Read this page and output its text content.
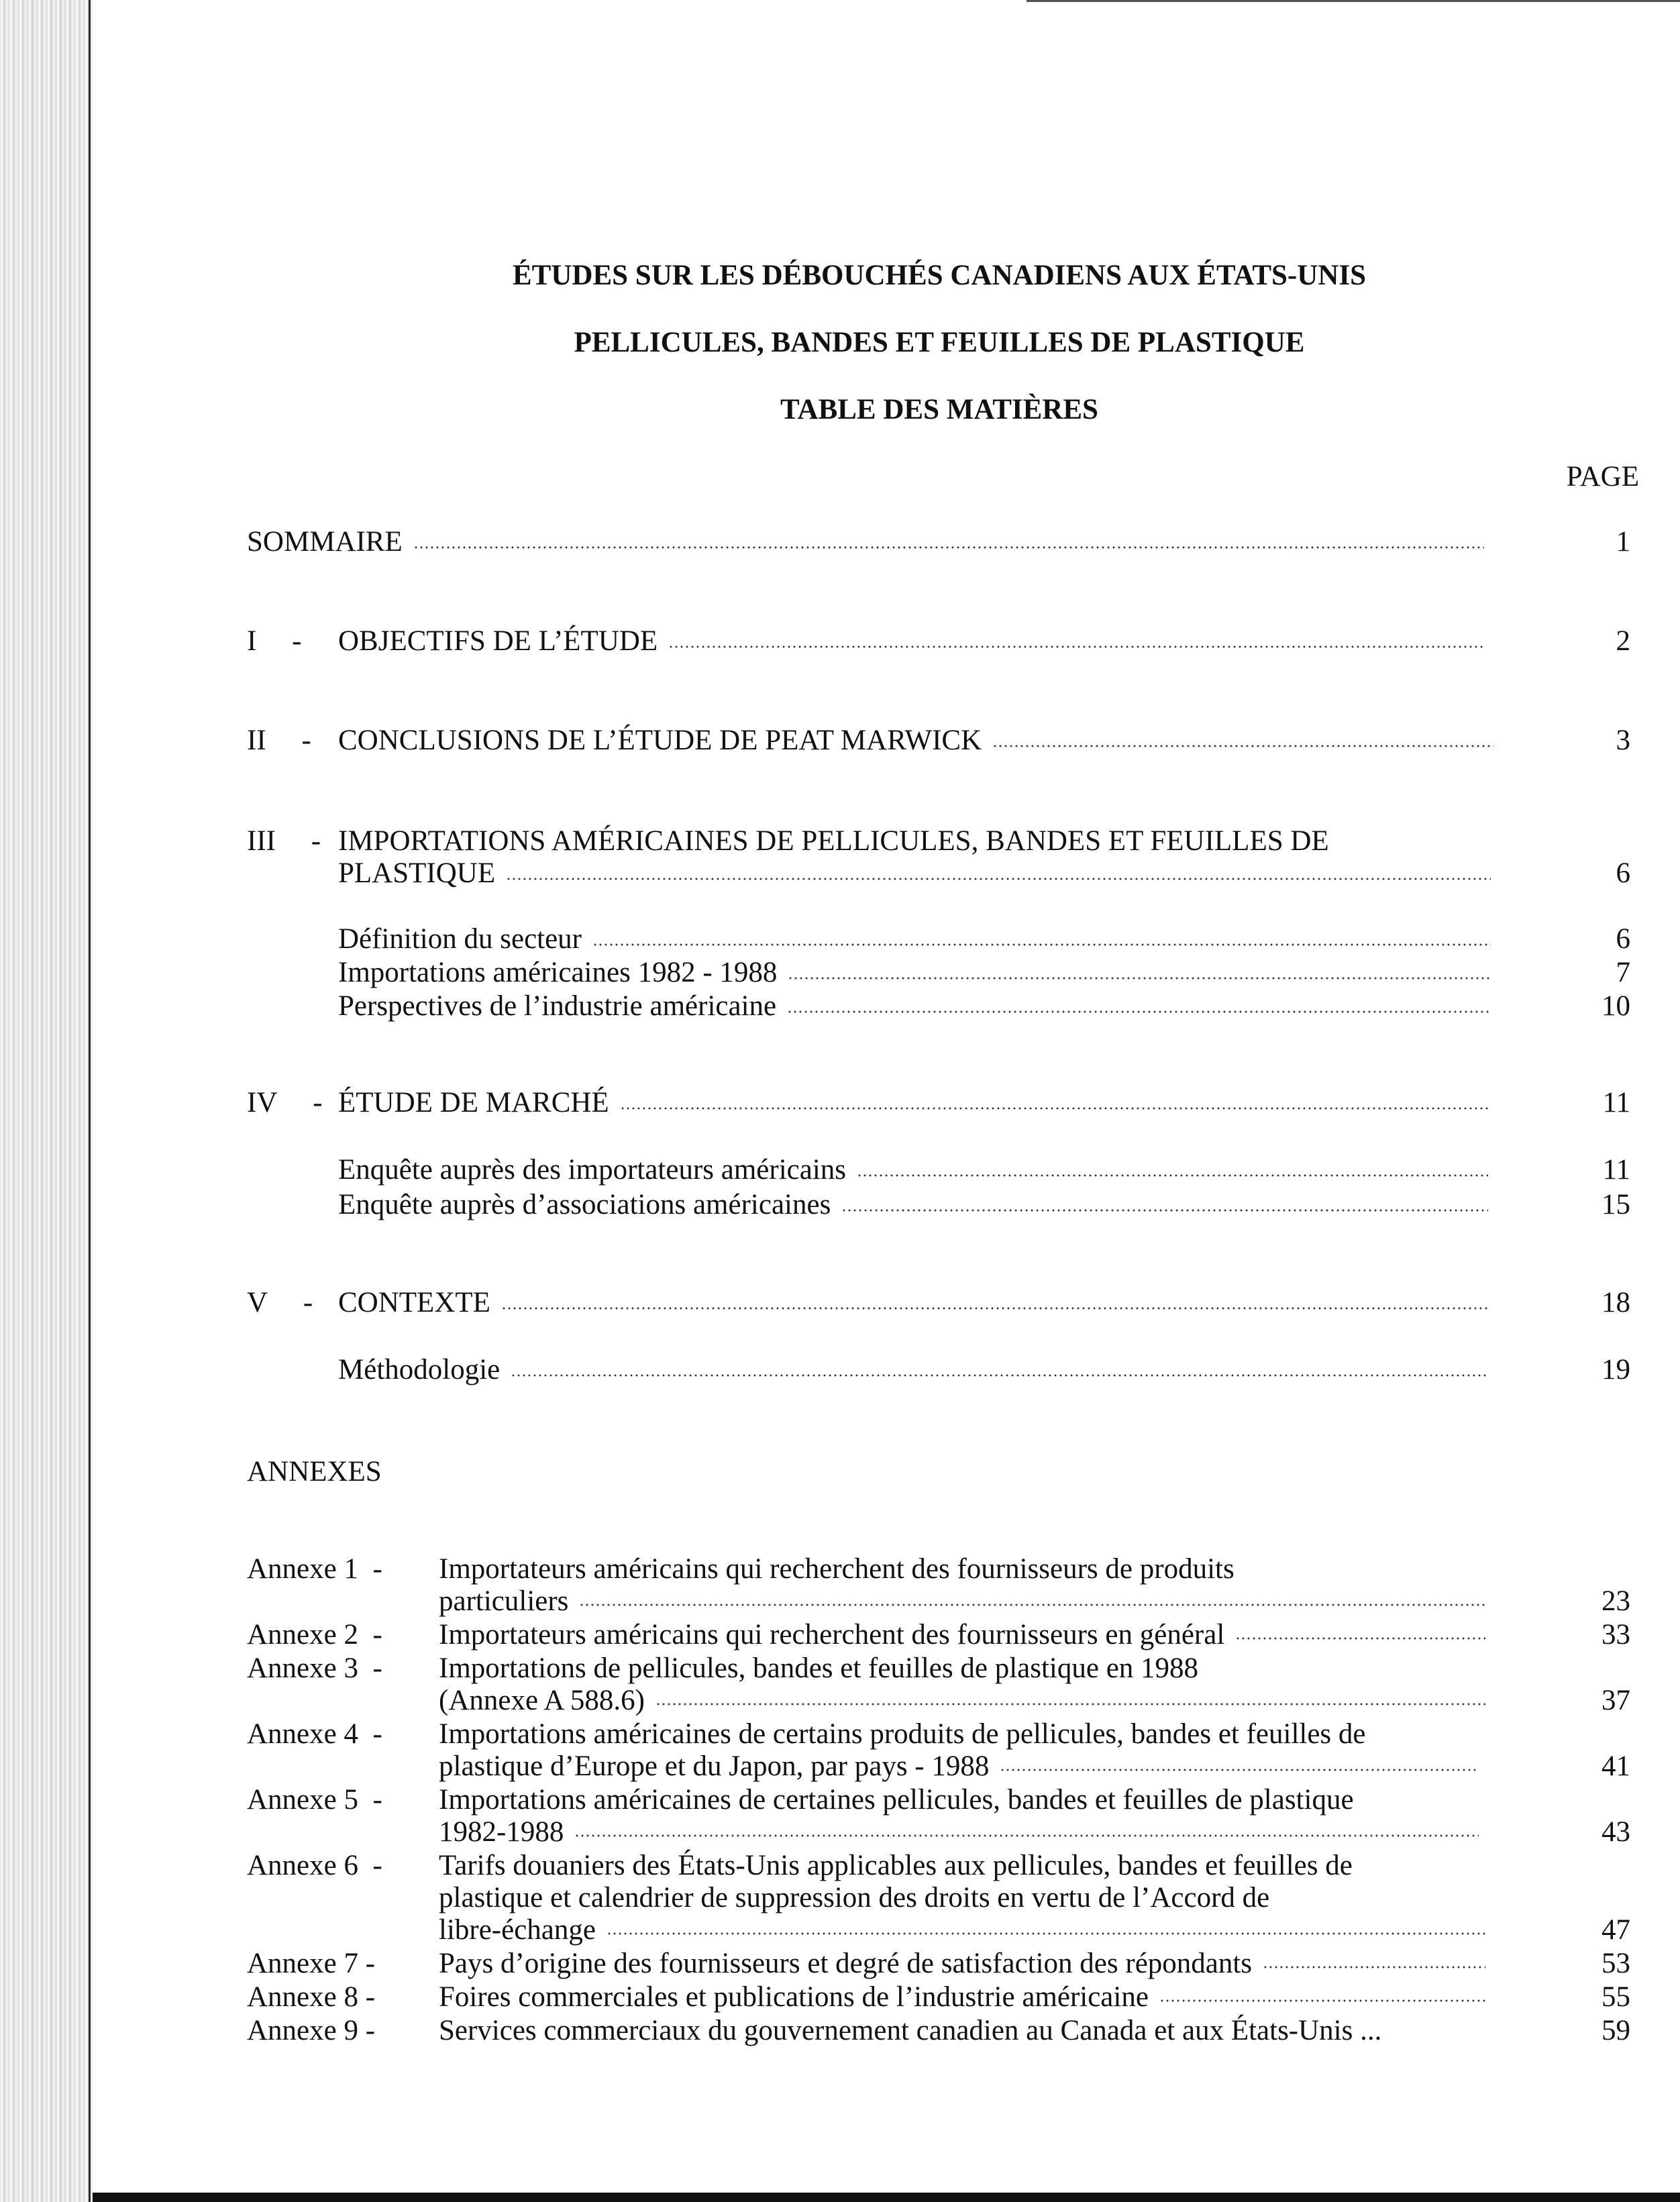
ÉTUDES SUR LES DÉBOUCHÉS CANADIENS AUX ÉTATS-UNIS
PELLICULES, BANDES ET FEUILLES DE PLASTIQUE
TABLE DES MATIÈRES
PAGE
SOMMAIRE	1
I -	OBJECTIFS DE L’ÉTUDE	2
II - CONCLUSIONS DE L’ÉTUDE DE PEAT MARWICK	3
III - IMPORTATIONS AMÉRICAINES DE PELLICULES, BANDES ET FEUILLES DE
PLASTIQUE	6
Définition du secteur	6
Importations américaines 1982 - 1988	7
Perspectives de l’industrie américaine	10
IV - ÉTUDE DE MARCHÉ	11
Enquête auprès des importateurs américains	11
Enquête auprès d’associations américaines	15
V - CONTEXTE	18
Méthodologie	19
ANNEXES
Annexe 1 - Importateurs américains qui recherchent des fournisseurs de produits
particuliers	23
Annexe 2 - Importateurs américains qui recherchent des fournisseurs en général	33
Annexe 3 - Importations de pellicules, bandes et feuilles de plastique en 1988
(Annexe A 588.6)	37
Annexe 4 - Importations américaines de certains produits de pellicules, bandes et feuilles de
plastique d’Europe et du Japon, par pays - 1988	41
Annexe 5 - Importations américaines de certaines pellicules, bandes et feuilles de plastique
1982-1988	43
Annexe 6 - Tarifs douaniers des États-Unis applicables aux pellicules, bandes et feuilles de
plastique et calendrier de suppression des droits en vertu de l’Accord de
libre-échange	47
Annexe 7 - Pays d’origine des fournisseurs et degré de satisfaction des répondants	53
Annexe 8 - Foires commerciales et publications de l’industrie américaine	55
Annexe 9 - Services commerciaux du gouvernement canadien au Canada et aux États-Unis ...	59
